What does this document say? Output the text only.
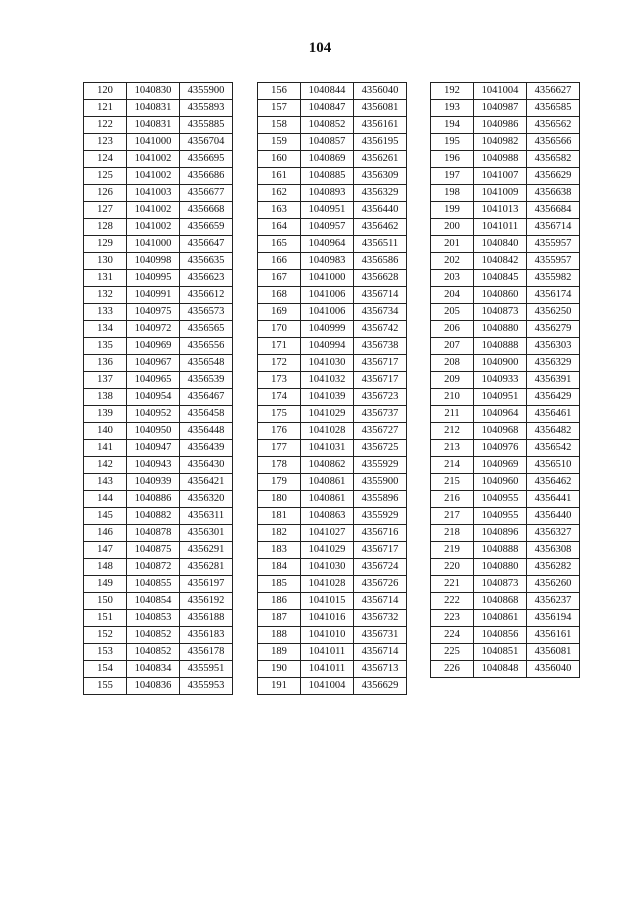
104
120	1040830	4355900
121	1040831	4355893
122	1040831	4355885
123	1041000	4356704
124	1041002	4356695
125	1041002	4356686
126	1041003	4356677
127	1041002	4356668
128	1041002	4356659
129	1041000	4356647
130	1040998	4356635
131	1040995	4356623
132	1040991	4356612
133	1040975	4356573
134	1040972	4356565
135	1040969	4356556
136	1040967	4356548
137	1040965	4356539
138	1040954	4356467
139	1040952	4356458
140	1040950	4356448
141	1040947	4356439
142	1040943	4356430
143	1040939	4356421
144	1040886	4356320
145	1040882	4356311
146	1040878	4356301
147	1040875	4356291
148	1040872	4356281
149	1040855	4356197
150	1040854	4356192
151	1040853	4356188
152	1040852	4356183
153	1040852	4356178
154	1040834	4355951
155	1040836	4355953
156	1040844	4356040
157	1040847	4356081
158	1040852	4356161
159	1040857	4356195
160	1040869	4356261
161	1040885	4356309
162	1040893	4356329
163	1040951	4356440
164	1040957	4356462
165	1040964	4356511
166	1040983	4356586
167	1041000	4356628
168	1041006	4356714
169	1041006	4356734
170	1040999	4356742
171	1040994	4356738
172	1041030	4356717
173	1041032	4356717
174	1041039	4356723
175	1041029	4356737
176	1041028	4356727
177	1041031	4356725
178	1040862	4355929
179	1040861	4355900
180	1040861	4355896
181	1040863	4355929
182	1041027	4356716
183	1041029	4356717
184	1041030	4356724
185	1041028	4356726
186	1041015	4356714
187	1041016	4356732
188	1041010	4356731
189	1041011	4356714
190	1041011	4356713
191	1041004	4356629
192	1041004	4356627
193	1040987	4356585
194	1040986	4356562
195	1040982	4356566
196	1040988	4356582
197	1041007	4356629
198	1041009	4356638
199	1041013	4356684
200	1041011	4356714
201	1040840	4355957
202	1040842	4355957
203	1040845	4355982
204	1040860	4356174
205	1040873	4356250
206	1040880	4356279
207	1040888	4356303
208	1040900	4356329
209	1040933	4356391
210	1040951	4356429
211	1040964	4356461
212	1040968	4356482
213	1040976	4356542
214	1040969	4356510
215	1040960	4356462
216	1040955	4356441
217	1040955	4356440
218	1040896	4356327
219	1040888	4356308
220	1040880	4356282
221	1040873	4356260
222	1040868	4356237
223	1040861	4356194
224	1040856	4356161
225	1040851	4356081
226	1040848	4356040
